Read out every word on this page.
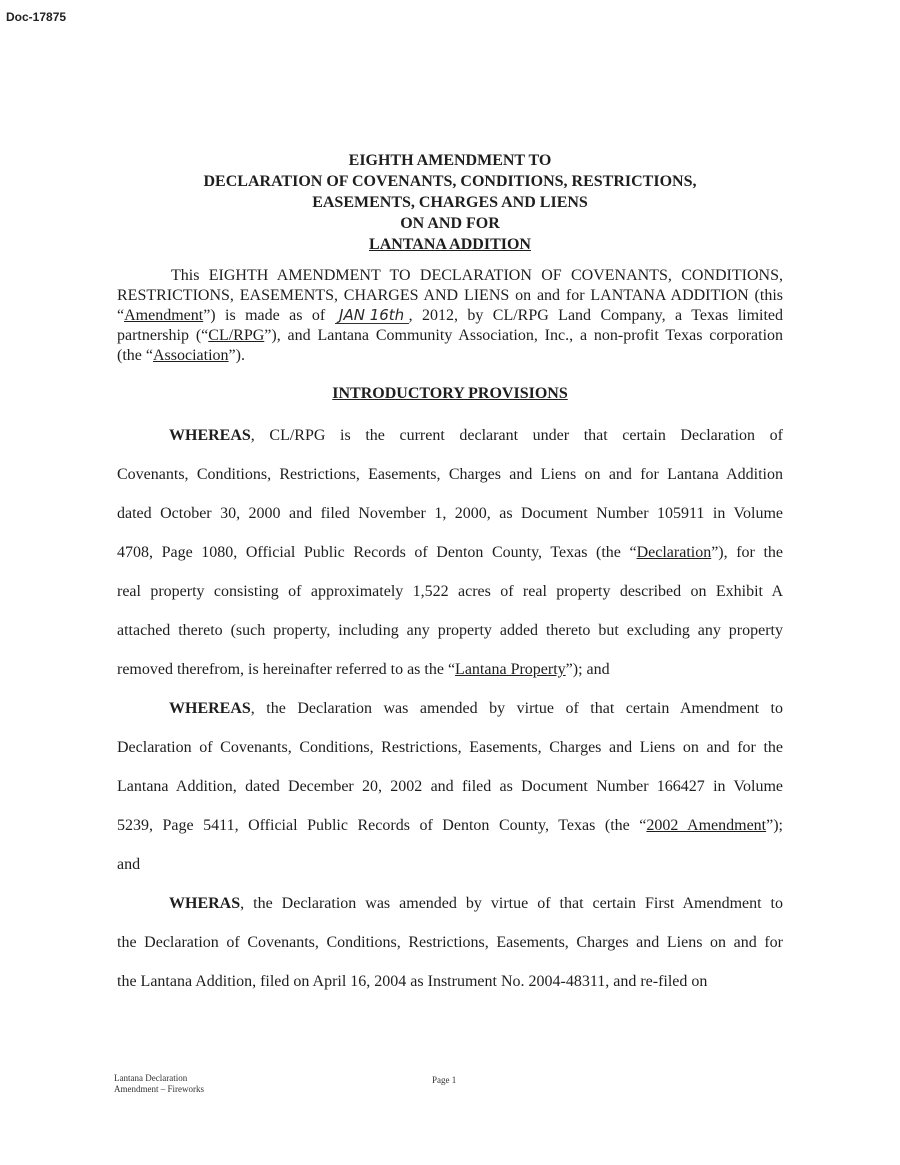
Doc-17875
EIGHTH AMENDMENT TO
DECLARATION OF COVENANTS, CONDITIONS, RESTRICTIONS,
EASEMENTS, CHARGES AND LIENS
ON AND FOR
LANTANA ADDITION
This EIGHTH AMENDMENT TO DECLARATION OF COVENANTS, CONDITIONS, RESTRICTIONS, EASEMENTS, CHARGES AND LIENS on and for LANTANA ADDITION (this “Amendment”) is made as of JAN 16th , 2012, by CL/RPG Land Company, a Texas limited partnership (“CL/RPG”), and Lantana Community Association, Inc., a non-profit Texas corporation (the “Association”).
INTRODUCTORY PROVISIONS
WHEREAS, CL/RPG is the current declarant under that certain Declaration of
Covenants, Conditions, Restrictions, Easements, Charges and Liens on and for Lantana Addition
dated October 30, 2000 and filed November 1, 2000, as Document Number 105911 in Volume
4708, Page 1080, Official Public Records of Denton County, Texas (the “Declaration”), for the
real property consisting of approximately 1,522 acres of real property described on Exhibit A
attached thereto (such property, including any property added thereto but excluding any property
removed therefrom, is hereinafter referred to as the “Lantana Property”); and
WHEREAS, the Declaration was amended by virtue of that certain Amendment to
Declaration of Covenants, Conditions, Restrictions, Easements, Charges and Liens on and for the
Lantana Addition, dated December 20, 2002 and filed as Document Number 166427 in Volume
5239, Page 5411, Official Public Records of Denton County, Texas (the “2002 Amendment”);
and
WHERAS, the Declaration was amended by virtue of that certain First Amendment to
the Declaration of Covenants, Conditions, Restrictions, Easements, Charges and Liens on and for
the Lantana Addition, filed on April 16, 2004 as Instrument No. 2004-48311, and re-filed on
Lantana Declaration
Amendment – Fireworks
Page 1
